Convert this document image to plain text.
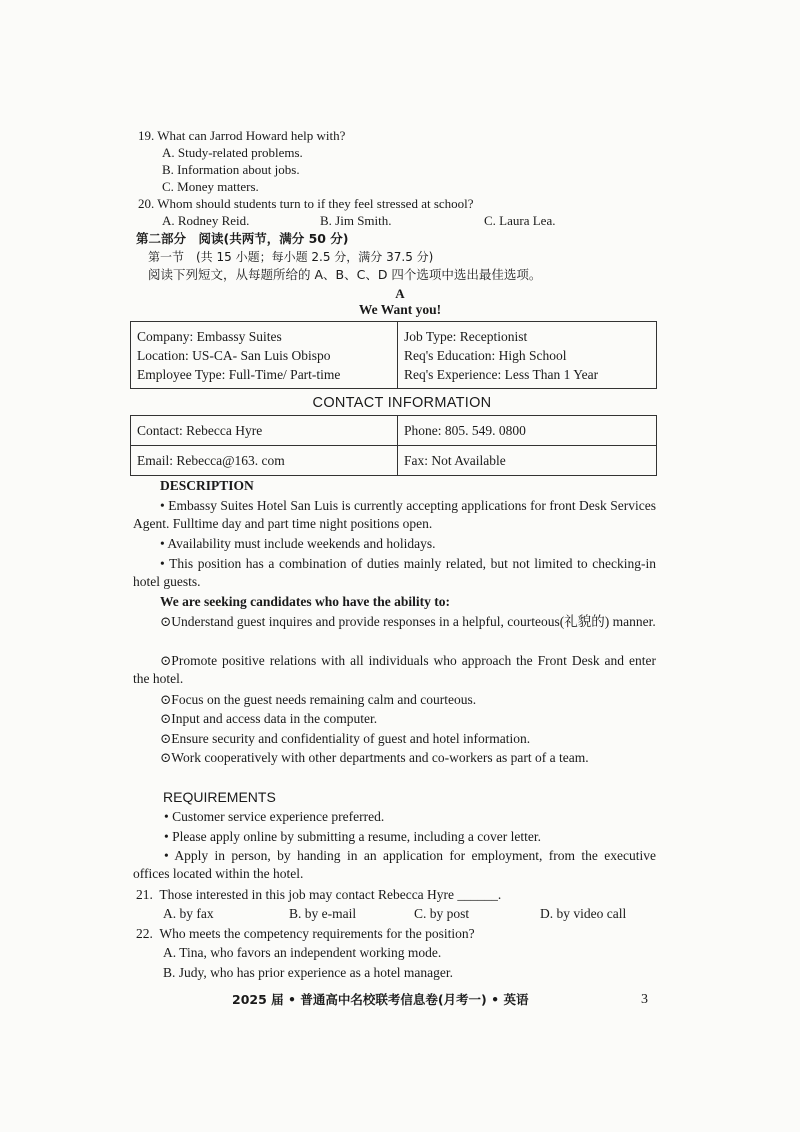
19. What can Jarrod Howard help with?
A. Study-related problems.
B. Information about jobs.
C. Money matters.
20. Whom should students turn to if they feel stressed at school?
A. Rodney Reid.	B. Jim Smith.	C. Laura Lea.
第二部分　阅读(共两节，满分 50 分)
第一节　(共 15 小题；每小题 2.5 分，满分 37.5 分)
阅读下列短文，从每题所给的 A、B、C、D 四个选项中选出最佳选项。
A
We Want you!
Company: Embassy Suites
Location: US-CA- San Luis Obispo
Employee Type: Full-Time/ Part-time

Job Type: Receptionist
Req's Education: High School
Req's Experience: Less Than 1 Year
CONTACT INFORMATION
Contact: Rebecca Hyre	Phone: 805. 549. 0800
Email: Rebecca@163. com	Fax: Not Available
DESCRIPTION
• Embassy Suites Hotel San Luis is currently accepting applications for front Desk Services Agent. Fulltime day and part time night positions open.
• Availability must include weekends and holidays.
• This position has a combination of duties mainly related, but not limited to checking-in hotel guests.
We are seeking candidates who have the ability to:
⊙Understand guest inquires and provide responses in a helpful, courteous(礼貌的) manner.
⊙Promote positive relations with all individuals who approach the Front Desk and enter the hotel.
⊙Focus on the guest needs remaining calm and courteous.
⊙Input and access data in the computer.
⊙Ensure security and confidentiality of guest and hotel information.
⊙Work cooperatively with other departments and co-workers as part of a team.
REQUIREMENTS
• Customer service experience preferred.
• Please apply online by submitting a resume, including a cover letter.
• Apply in person, by handing in an application for employment, from the executive offices located within the hotel.
21. Those interested in this job may contact Rebecca Hyre ______.
A. by fax	B. by e-mail	C. by post	D. by video call
22. Who meets the competency requirements for the position?
A. Tina, who favors an independent working mode.
B. Judy, who has prior experience as a hotel manager.
2025 届 • 普通高中名校联考信息卷(月考一) • 英语	3
